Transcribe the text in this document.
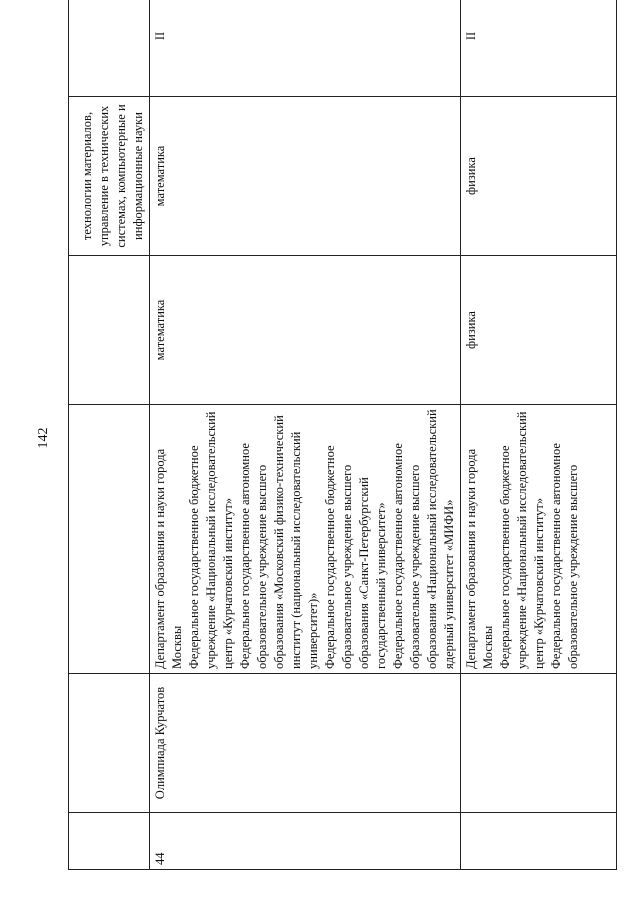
142
				технологии материалов, управление в технических системах, компьютерные и информационные науки	
44	Олимпиада Курчатов	Департамент образования и науки города Москвы Федеральное государственное бюджетное учреждение «Национальный исследовательский центр «Курчатовский институт» Федеральное государственное автономное образовательное учреждение высшего образования «Московский физико-технический институт (национальный исследовательский университет)» Федеральное государственное бюджетное образовательное учреждение высшего образования «Санкт-Петербургский государственный университет» Федеральное государственное автономное образовательное учреждение высшего образования «Национальный исследовательский ядерный университет «МИФИ»	математика	математика	II

		Департамент образования и науки города Москвы Федеральное государственное бюджетное учреждение «Национальный исследовательский центр «Курчатовский институт» Федеральное государственное автономное образовательное учреждение высшего	физика	физика	II
